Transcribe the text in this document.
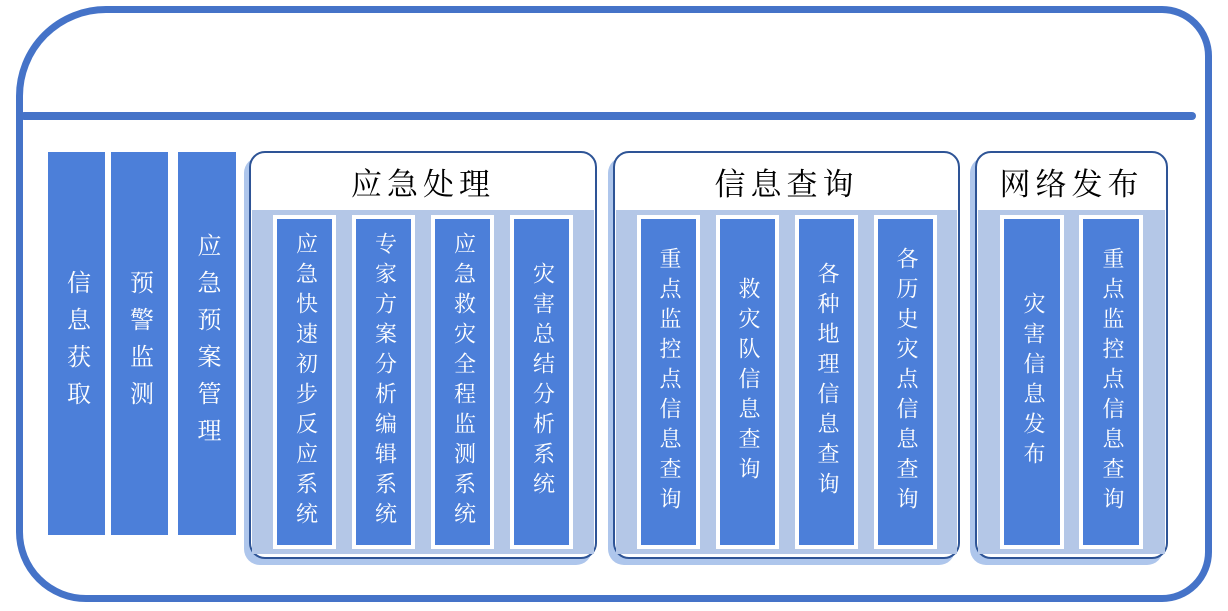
信息获取 预警监测 应急预案管理
应急处理
应急快速初步反应系统 专家方案分析编辑系统 应急救灾全程监测系统 灾害总结分析系统
信息查询
重点监控点信息查询 救灾队信息查询 各种地理信息查询 各历史灾点信息查询
网络发布
灾害信息发布 重点监控点信息查询
